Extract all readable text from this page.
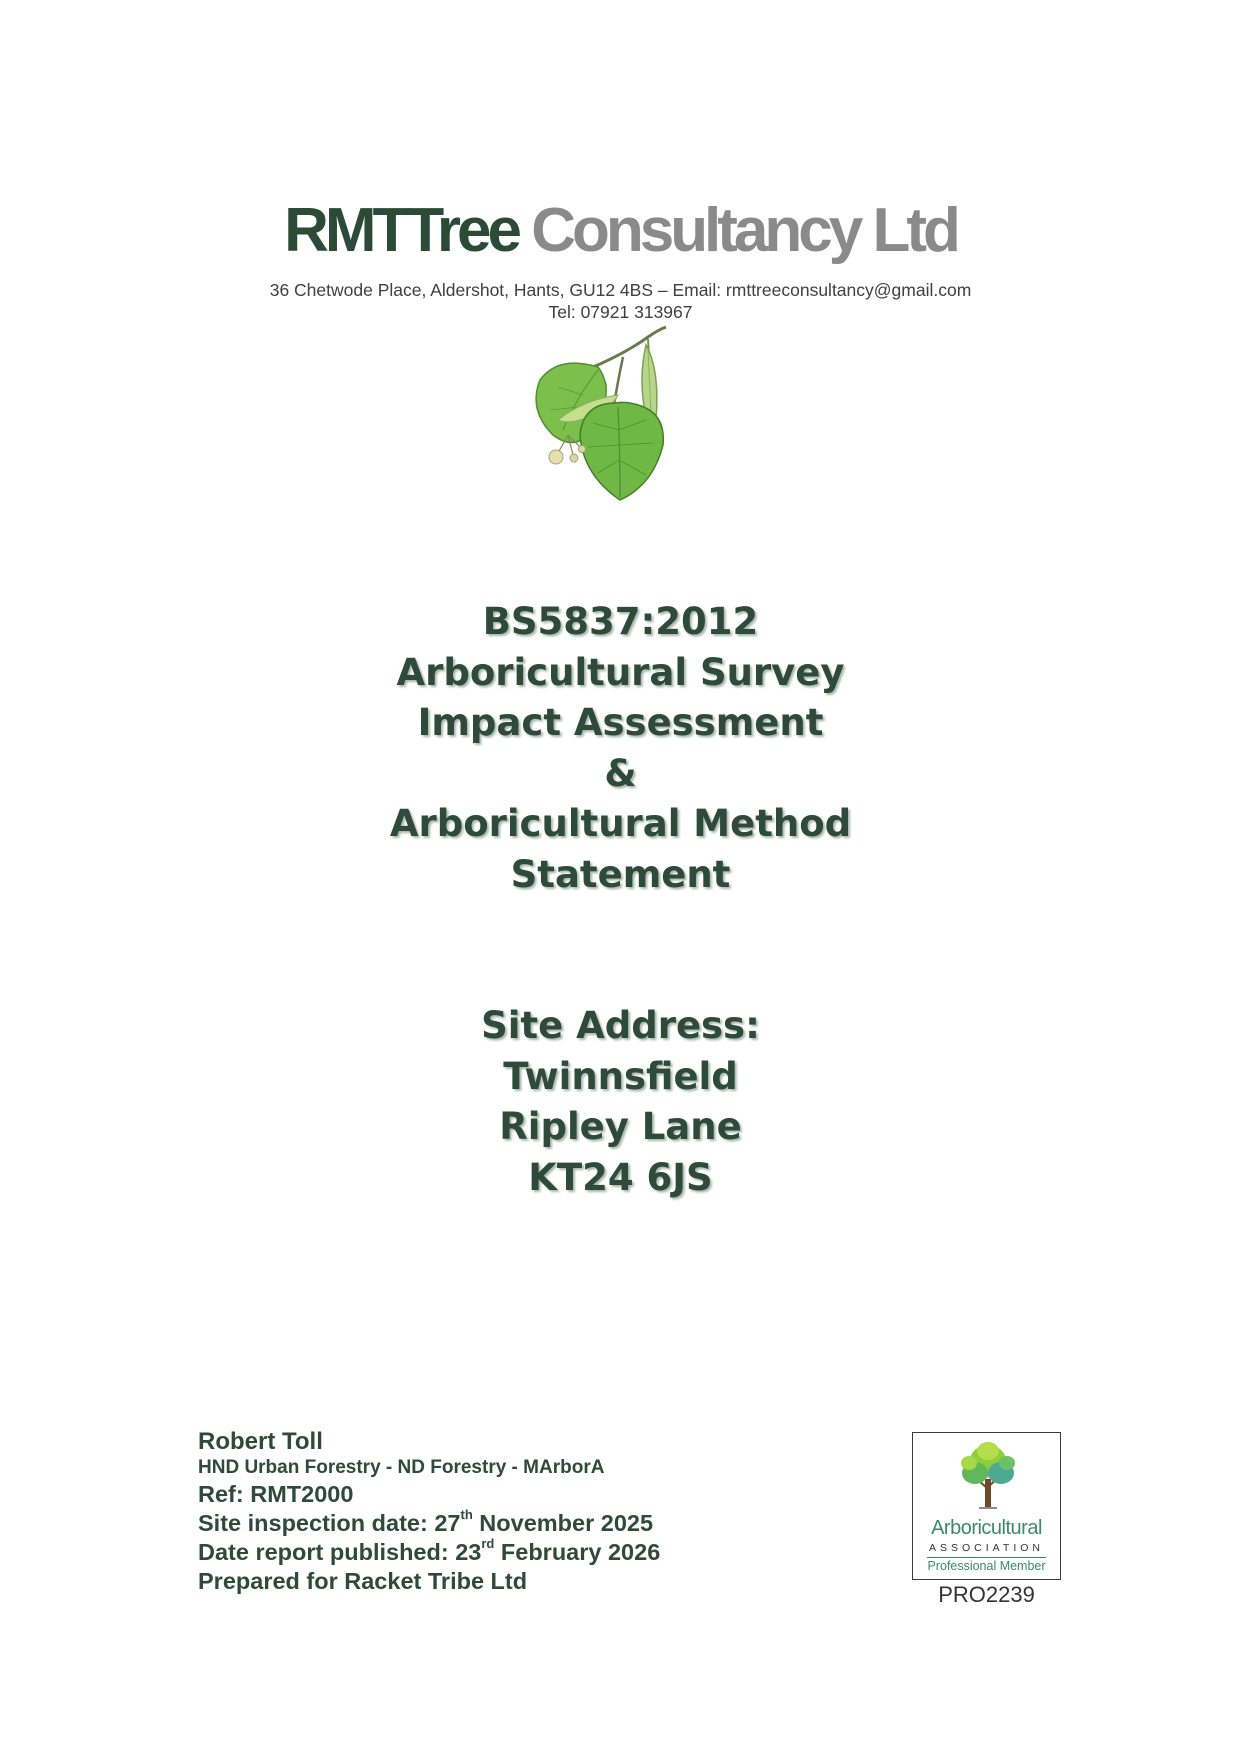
RMTTree Consultancy Ltd
36 Chetwode Place, Aldershot, Hants, GU12 4BS – Email: rmttreeconsultancy@gmail.com
Tel: 07921 313967
BS5837:2012
Arboricultural Survey
Impact Assessment
&
Arboricultural Method
Statement
Site Address:
Twinnsfield
Ripley Lane
KT24 6JS
Robert Toll
HND Urban Forestry - ND Forestry - MArborA
Ref: RMT2000
Site inspection date: 27th November 2025
Date report published: 23rd February 2026
Prepared for Racket Tribe Ltd
Arboricultural
ASSOCIATION
Professional Member
PRO2239
